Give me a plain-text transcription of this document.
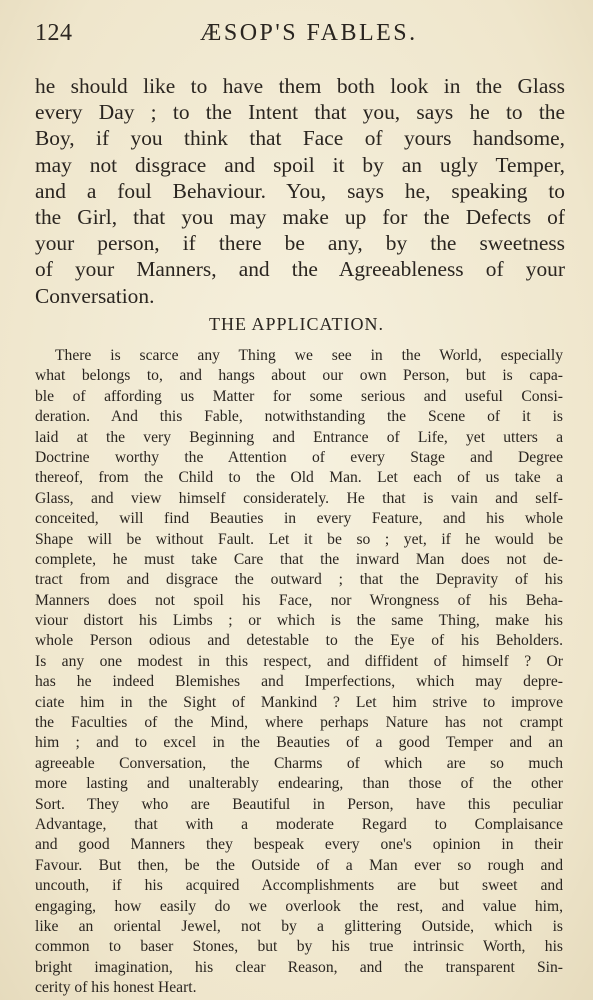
124	ÆSOP'S FABLES.
he should like to have them both look in the Glass
every Day ; to the Intent that you, says he to the
Boy, if you think that Face of yours handsome,
may not disgrace and spoil it by an ugly Temper,
and a foul Behaviour. You, says he, speaking to
the Girl, that you may make up for the Defects of
your person, if there be any, by the sweetness
of your Manners, and the Agreeableness of your
Conversation.
THE APPLICATION.
There is scarce any Thing we see in the World, especially
what belongs to, and hangs about our own Person, but is capa-
ble of affording us Matter for some serious and useful Consi-
deration. And this Fable, notwithstanding the Scene of it is
laid at the very Beginning and Entrance of Life, yet utters a
Doctrine worthy the Attention of every Stage and Degree
thereof, from the Child to the Old Man. Let each of us take a
Glass, and view himself considerately. He that is vain and self-
conceited, will find Beauties in every Feature, and his whole
Shape will be without Fault. Let it be so ; yet, if he would be
complete, he must take Care that the inward Man does not de-
tract from and disgrace the outward ; that the Depravity of his
Manners does not spoil his Face, nor Wrongness of his Beha-
viour distort his Limbs ; or which is the same Thing, make his
whole Person odious and detestable to the Eye of his Beholders.
Is any one modest in this respect, and diffident of himself ? Or
has he indeed Blemishes and Imperfections, which may depre-
ciate him in the Sight of Mankind ? Let him strive to improve
the Faculties of the Mind, where perhaps Nature has not crampt
him ; and to excel in the Beauties of a good Temper and an
agreeable Conversation, the Charms of which are so much
more lasting and unalterably endearing, than those of the other
Sort. They who are Beautiful in Person, have this peculiar
Advantage, that with a moderate Regard to Complaisance
and good Manners they bespeak every one's opinion in their
Favour. But then, be the Outside of a Man ever so rough and
uncouth, if his acquired Accomplishments are but sweet and
engaging, how easily do we overlook the rest, and value him,
like an oriental Jewel, not by a glittering Outside, which is
common to baser Stones, but by his true intrinsic Worth, his
bright imagination, his clear Reason, and the transparent Sin-
cerity of his honest Heart.
